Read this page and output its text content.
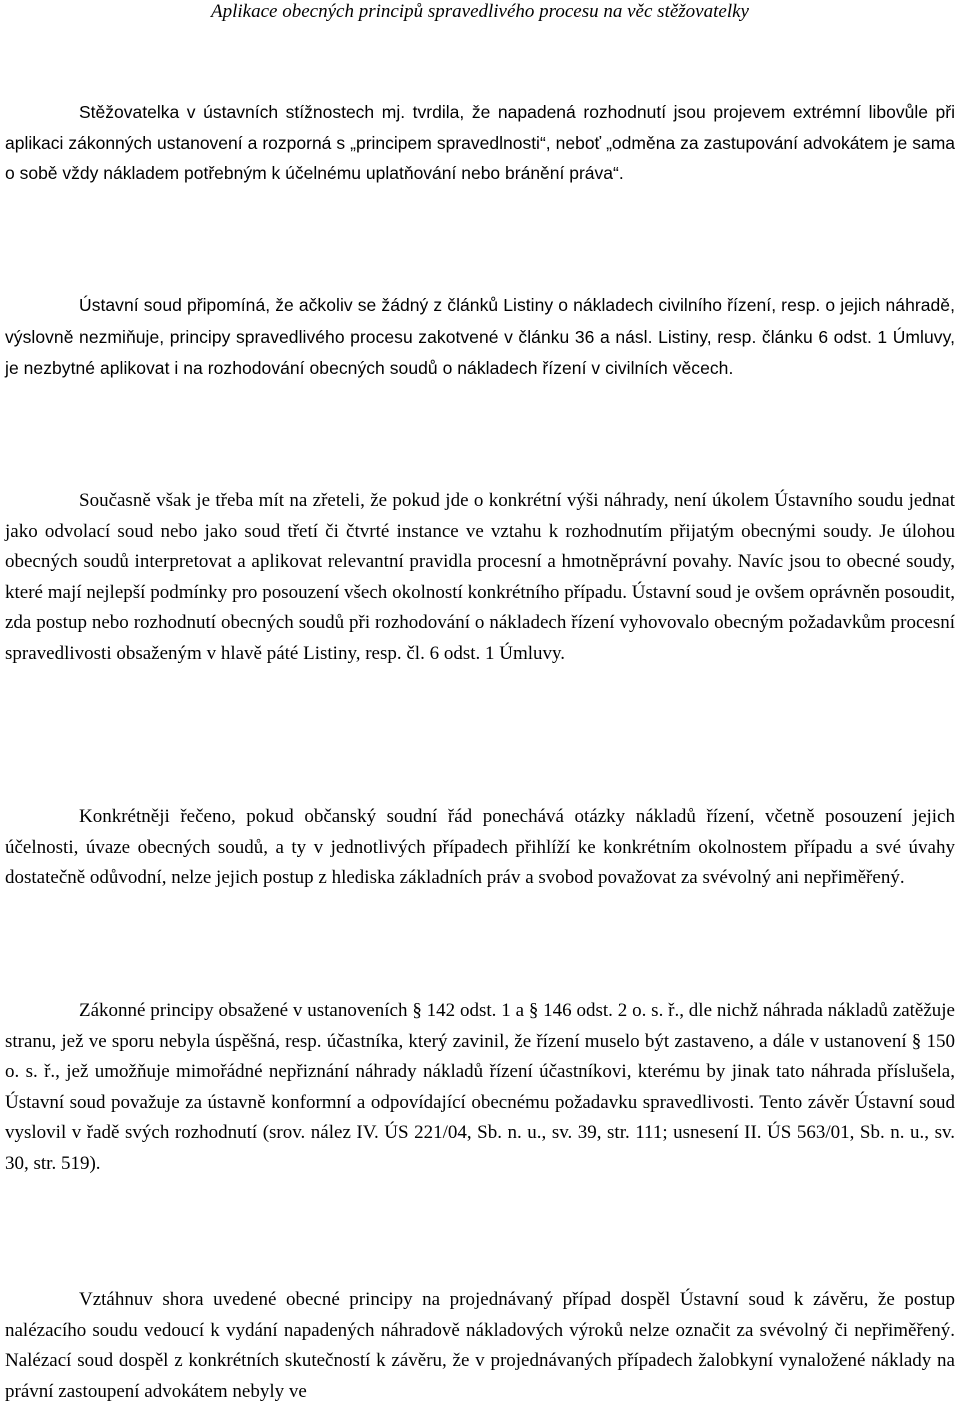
Aplikace obecných principů spravedlivého procesu na věc stěžovatelky

Stěžovatelka v ústavních stížnostech mj. tvrdila, že napadená rozhodnutí jsou projevem extrémní libovůle při aplikaci zákonných ustanovení a rozporná s „principem spravedlnosti“, neboť „odměna za zastupování advokátem je sama o sobě vždy nákladem potřebným k účelnému uplatňování nebo bránění práva“.

Ústavní soud připomíná, že ačkoliv se žádný z článků Listiny o nákladech civilního řízení, resp. o jejich náhradě, výslovně nezmiňuje, principy spravedlivého procesu zakotvené v článku 36 a násl. Listiny, resp. článku 6 odst. 1 Úmluvy, je nezbytné aplikovat i na rozhodování obecných soudů o nákladech řízení v civilních věcech.

Současně však je třeba mít na zřeteli, že pokud jde o konkrétní výši náhrady, není úkolem Ústavního soudu jednat jako odvolací soud nebo jako soud třetí či čtvrté instance ve vztahu k rozhodnutím přijatým obecnými soudy. Je úlohou obecných soudů interpretovat a aplikovat relevantní pravidla procesní a hmotněprávní povahy. Navíc jsou to obecné soudy, které mají nejlepší podmínky pro posouzení všech okolností konkrétního případu. Ústavní soud je ovšem oprávněn posoudit, zda postup nebo rozhodnutí obecných soudů při rozhodování o nákladech řízení vyhovovalo obecným požadavkům procesní spravedlivosti obsaženým v hlavě páté Listiny, resp. čl. 6 odst. 1 Úmluvy.

Konkrétněji řečeno, pokud občanský soudní řád ponechává otázky nákladů řízení, včetně posouzení jejich účelnosti, úvaze obecných soudů, a ty v jednotlivých případech přihlíží ke konkrétním okolnostem případu a své úvahy dostatečně odůvodní, nelze jejich postup z hlediska základních práv a svobod považovat za svévolný ani nepřiměřený.

Zákonné principy obsažené v ustanoveních § 142 odst. 1 a § 146 odst. 2 o. s. ř., dle nichž náhrada nákladů zatěžuje stranu, jež ve sporu nebyla úspěšná, resp. účastníka, který zavinil, že řízení muselo být zastaveno, a dále v ustanovení § 150 o. s. ř., jež umožňuje mimořádné nepřiznání náhrady nákladů řízení účastníkovi, kterému by jinak tato náhrada příslušela, Ústavní soud považuje za ústavně konformní a odpovídající obecnému požadavku spravedlivosti. Tento závěr Ústavní soud vyslovil v řadě svých rozhodnutí (srov. nález IV. ÚS 221/04, Sb. n. u., sv. 39, str. 111; usnesení II. ÚS 563/01, Sb. n. u., sv. 30, str. 519).

Vztáhnuv shora uvedené obecné principy na projednávaný případ dospěl Ústavní soud k závěru, že postup nalézacího soudu vedoucí k vydání napadených náhradově nákladových výroků nelze označit za svévolný či nepřiměřený. Nalézací soud dospěl z konkrétních skutečností k závěru, že v projednávaných případech žalobkyní vynaložené náklady na právní zastoupení advokátem nebyly ve
